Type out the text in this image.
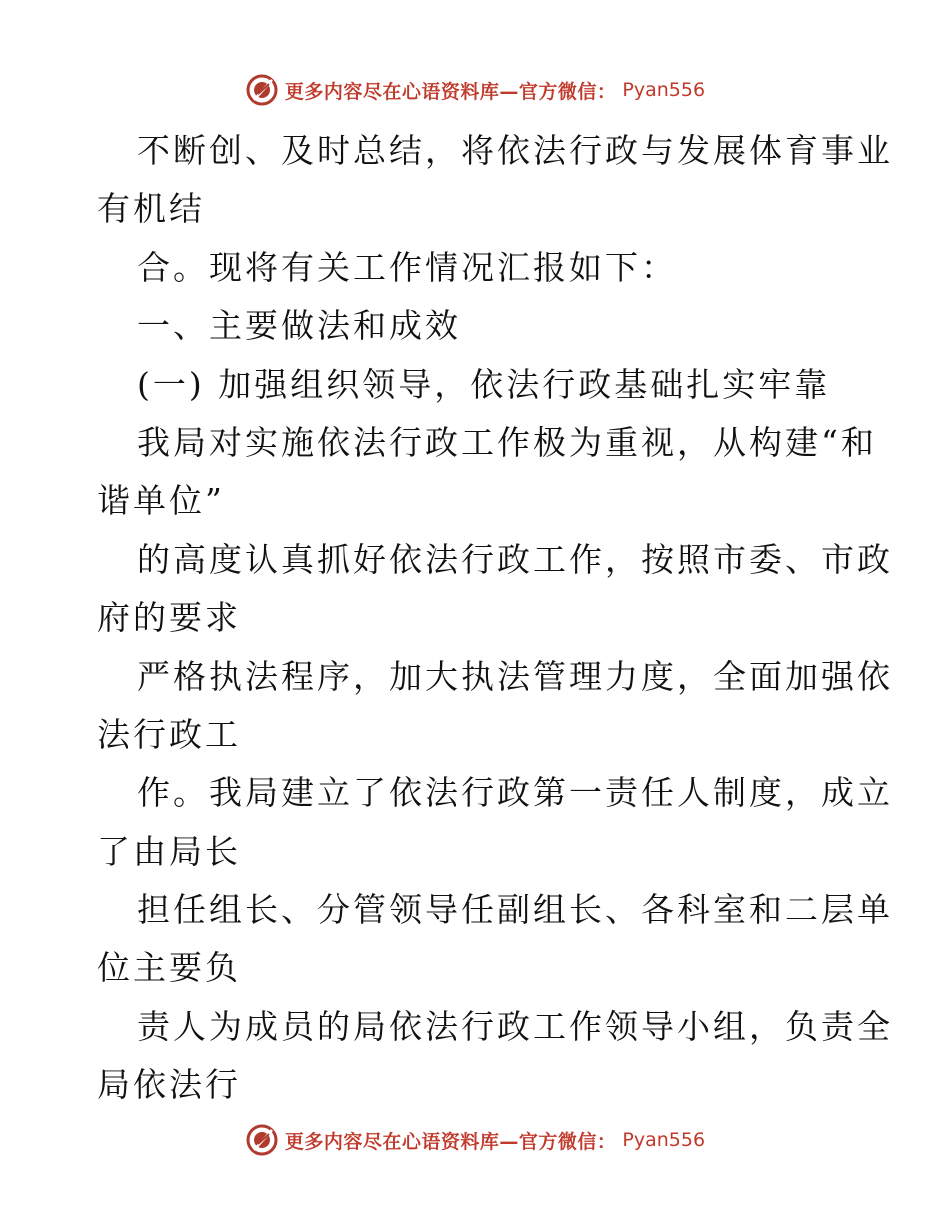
更多内容尽在心语资料库—官方微信： Pyan556
不断创、及时总结，将依法行政与发展体育事业
有机结
合。现将有关工作情况汇报如下：
一、主要做法和成效
(一) 加强组织领导，依法行政基础扎实牢靠
我局对实施依法行政工作极为重视，从构建“和
谐单位”
的高度认真抓好依法行政工作，按照市委、市政
府的要求
严格执法程序，加大执法管理力度，全面加强依
法行政工
作。我局建立了依法行政第一责任人制度，成立
了由局长
担任组长、分管领导任副组长、各科室和二层单
位主要负
责人为成员的局依法行政工作领导小组，负责全
局依法行
更多内容尽在心语资料库—官方微信： Pyan556
